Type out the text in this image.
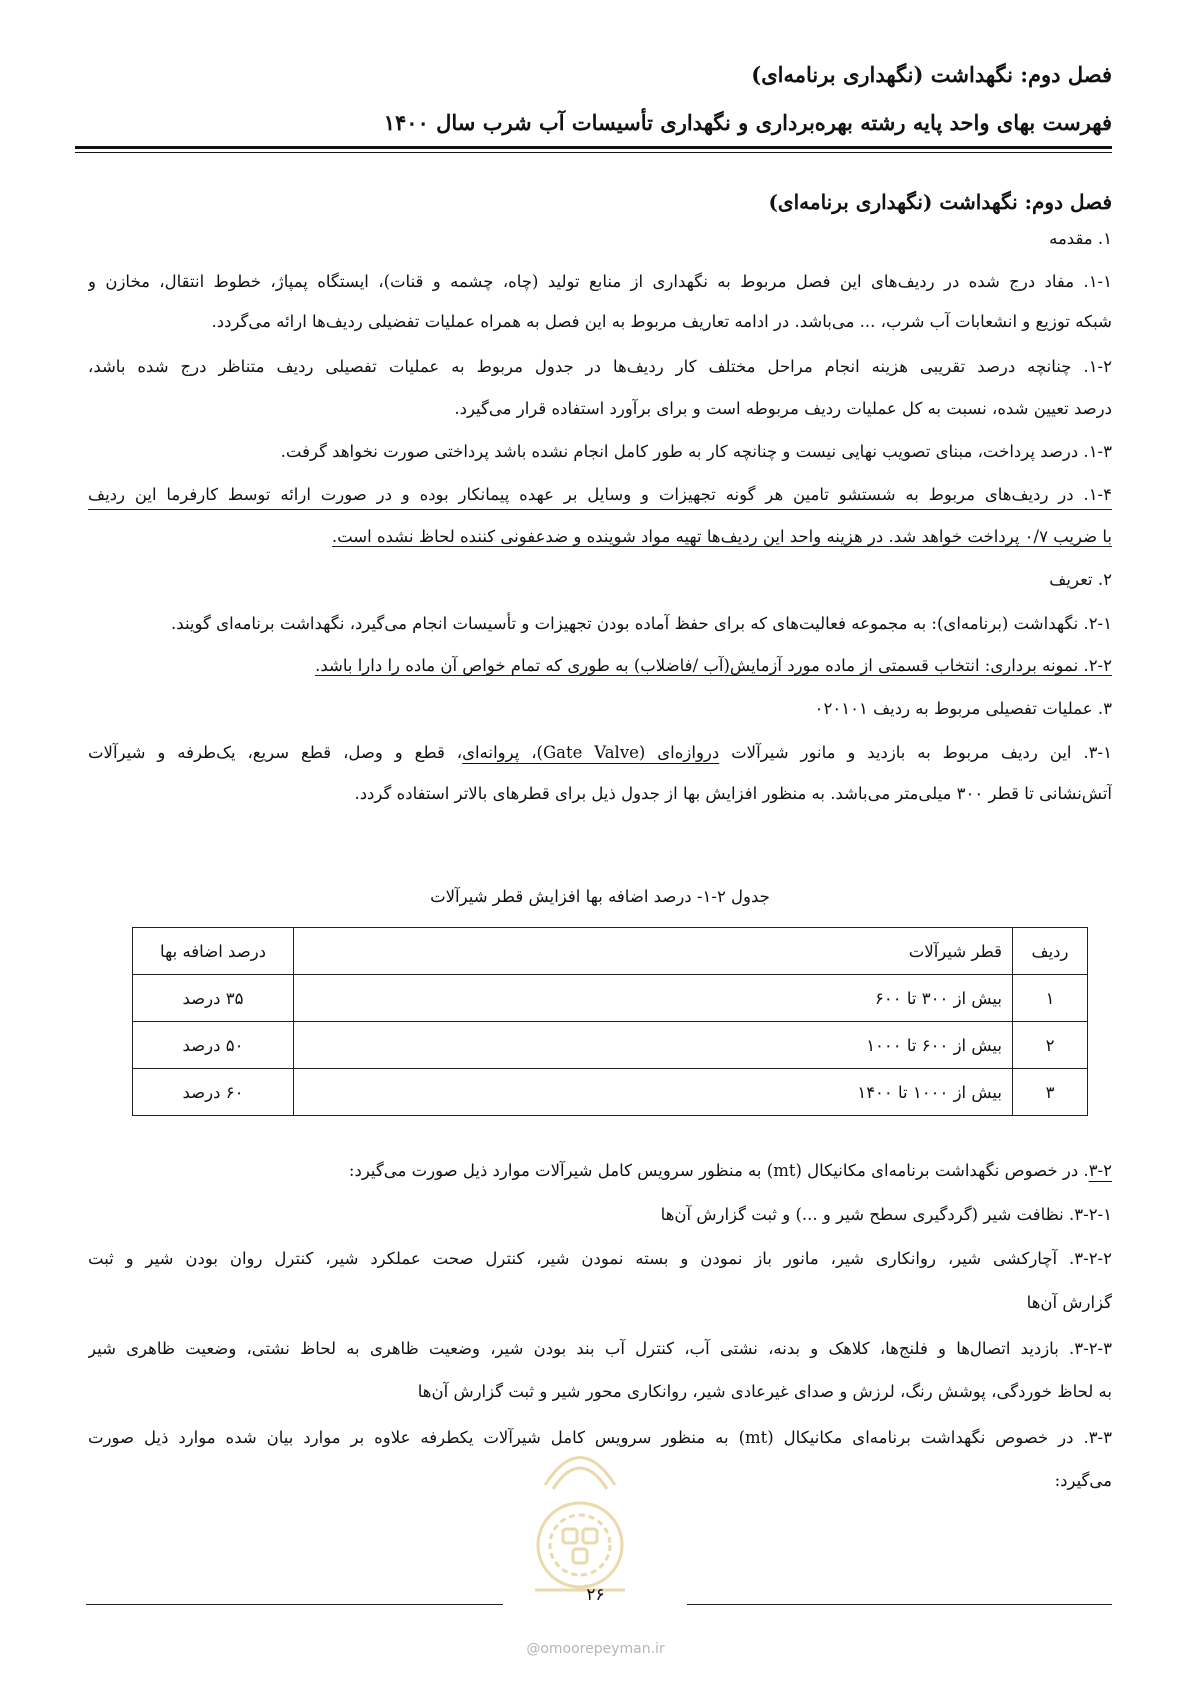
فصل دوم: نگهداشت (نگهداری برنامه‌ای)
فهرست بهای واحد پایه رشته بهره‌برداری و نگهداری تأسیسات آب شرب سال ۱۴۰۰
فصل دوم: نگهداشت (نگهداری برنامه‌ای)
۱. مقدمه
۱-۱. مفاد درج شده در ردیف‌های این فصل مربوط به نگهداری از منابع تولید (چاه، چشمه و قنات)، ایستگاه پمپاژ، خطوط انتقال، مخازن و
شبکه توزیع و انشعابات آب شرب، ... می‌باشد. در ادامه تعاریف مربوط به این فصل به همراه عملیات تفضیلی ردیف‌ها ارائه می‌گردد.
۱-۲. چنانچه درصد تقریبی هزینه انجام مراحل مختلف کار ردیف‌ها در جدول مربوط به عملیات تفصیلی ردیف متناظر درج شده باشد،
درصد تعیین شده، نسبت به کل عملیات ردیف مربوطه است و برای برآورد استفاده قرار می‌گیرد.
۱-۳. درصد پرداخت، مبنای تصویب نهایی نیست و چنانچه کار به طور کامل انجام نشده باشد پرداختی صورت نخواهد گرفت.
۱-۴. در ردیف‌های مربوط به شستشو تامین هر گونه تجهیزات و وسایل بر عهده پیمانکار بوده و در صورت ارائه توسط کارفرما این ردیف
با ضریب ۰/۷ پرداخت خواهد شد. در هزینه واحد این ردیف‌ها تهیه مواد شوینده و ضدعفونی کننده لحاظ نشده است.
۲. تعریف
۲-۱. نگهداشت (برنامه‌ای): به مجموعه فعالیت‌های که برای حفظ آماده بودن تجهیزات و تأسیسات انجام می‌گیرد، نگهداشت برنامه‌ای گویند.
۲-۲. نمونه برداری: انتخاب قسمتی از ماده مورد آزمایش(آب /فاضلاب) به طوری که تمام خواص آن ماده را دارا باشد.
۳. عملیات تفصیلی مربوط به ردیف ۰۲۰۱۰۱
۳-۱. این ردیف مربوط به بازدید و مانور شیرآلات دروازه‌ای (Gate Valve)، پروانه‌ای، قطع و وصل، قطع سریع، یک‌طرفه و شیرآلات
آتش‌نشانی تا قطر ۳۰۰ میلی‌متر می‌باشد. به منظور افزایش بها از جدول ذیل برای قطرهای بالاتر استفاده گردد.
جدول ۲-۱- درصد اضافه بها افزایش قطر شیرآلات
ردیف	قطر شیرآلات	درصد اضافه بها
۱	بیش از ۳۰۰ تا ۶۰۰	۳۵ درصد
۲	بیش از ۶۰۰ تا ۱۰۰۰	۵۰ درصد
۳	بیش از ۱۰۰۰ تا ۱۴۰۰	۶۰ درصد
۳-۲. در خصوص نگهداشت برنامه‌ای مکانیکال (mt) به منظور سرویس کامل شیرآلات موارد ذیل صورت می‌گیرد:
۳-۲-۱. نظافت شیر (گردگیری سطح شیر و ...) و ثبت گزارش آن‌ها
۳-۲-۲. آچارکشی شیر، روانکاری شیر، مانور باز نمودن و بسته نمودن شیر، کنترل صحت عملکرد شیر، کنترل روان بودن شیر و ثبت
گزارش آن‌ها
۳-۲-۳. بازدید اتصال‌ها و فلنج‌ها، کلاهک و بدنه، نشتی آب، کنترل آب بند بودن شیر، وضعیت ظاهری به لحاظ نشتی، وضعیت ظاهری شیر
به لحاظ خوردگی، پوشش رنگ، لرزش و صدای غیرعادی شیر، روانکاری محور شیر و ثبت گزارش آن‌ها
۳-۳. در خصوص نگهداشت برنامه‌ای مکانیکال (mt) به منظور سرویس کامل شیرآلات یکطرفه علاوه بر موارد بیان شده موارد ذیل صورت
می‌گیرد:
۲۶
@omoorepeyman.ir
